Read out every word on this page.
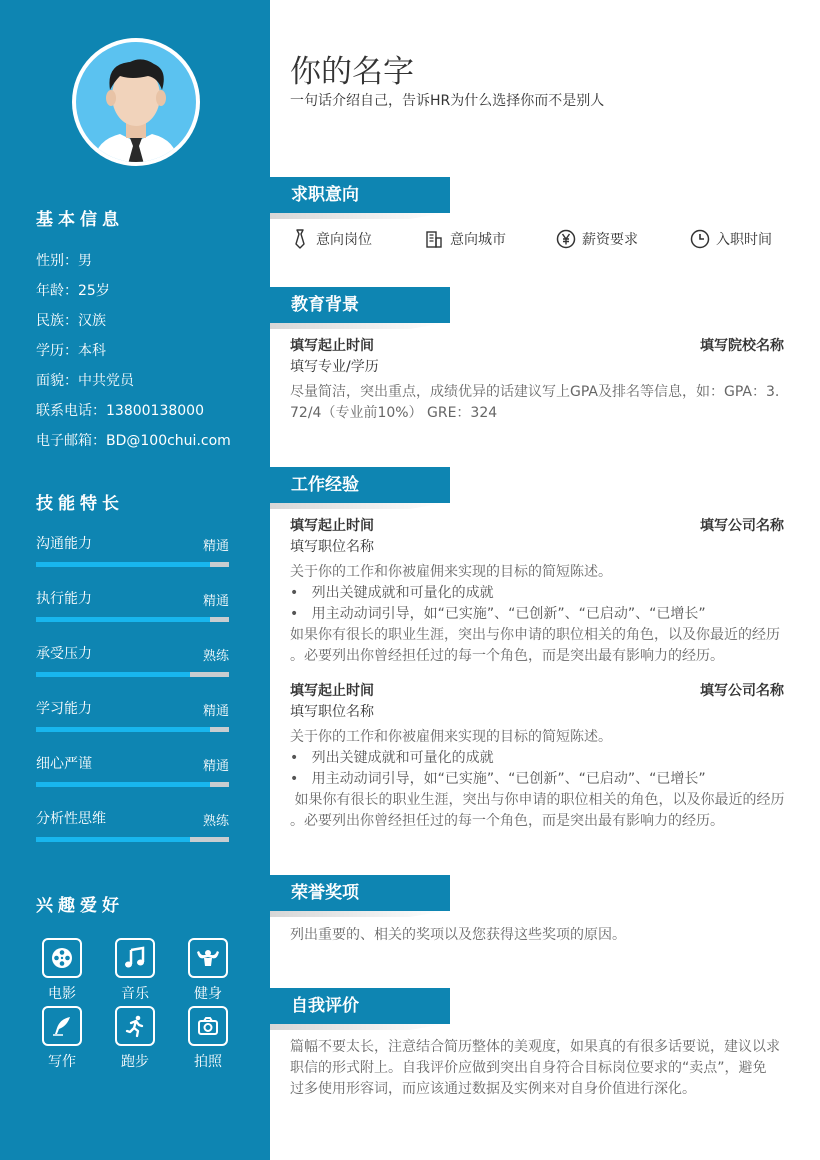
基本信息
性别：男
年龄：25岁
民族：汉族
学历：本科
面貌：中共党员
联系电话：13800138000
电子邮箱：BD@100chui.com
技能特长
沟通能力	精通
执行能力	精通
承受压力	熟练
学习能力	精通
细心严谨	精通
分析性思维	熟练
兴趣爱好
电影	音乐	健身
写作	跑步	拍照
你的名字
一句话介绍自己，告诉HR为什么选择你而不是别人
求职意向
意向岗位	意向城市	薪资要求	入职时间
教育背景
填写起止时间	填写院校名称
填写专业/学历
尽量简洁，突出重点，成绩优异的话建议写上GPA及排名等信息，如：GPA：3.
72/4（专业前10%） GRE：324
工作经验
填写起止时间	填写公司名称
填写职位名称
关于你的工作和你被雇佣来实现的目标的简短陈述。
•   列出关键成就和可量化的成就
•   用主动动词引导，如“已实施”、“已创新”、“已启动”、“已增长”
如果你有很长的职业生涯，突出与你申请的职位相关的角色，以及你最近的经历
。必要列出你曾经担任过的每一个角色，而是突出最有影响力的经历。
填写起止时间	填写公司名称
填写职位名称
关于你的工作和你被雇佣来实现的目标的简短陈述。
•   列出关键成就和可量化的成就
•   用主动动词引导，如“已实施”、“已创新”、“已启动”、“已增长”
如果你有很长的职业生涯，突出与你申请的职位相关的角色，以及你最近的经历
。必要列出你曾经担任过的每一个角色，而是突出最有影响力的经历。
荣誉奖项
列出重要的、相关的奖项以及您获得这些奖项的原因。
自我评价
篇幅不要太长，注意结合简历整体的美观度，如果真的有很多话要说，建议以求
职信的形式附上。自我评价应做到突出自身符合目标岗位要求的“卖点”，避免
过多使用形容词，而应该通过数据及实例来对自身价值进行深化。
